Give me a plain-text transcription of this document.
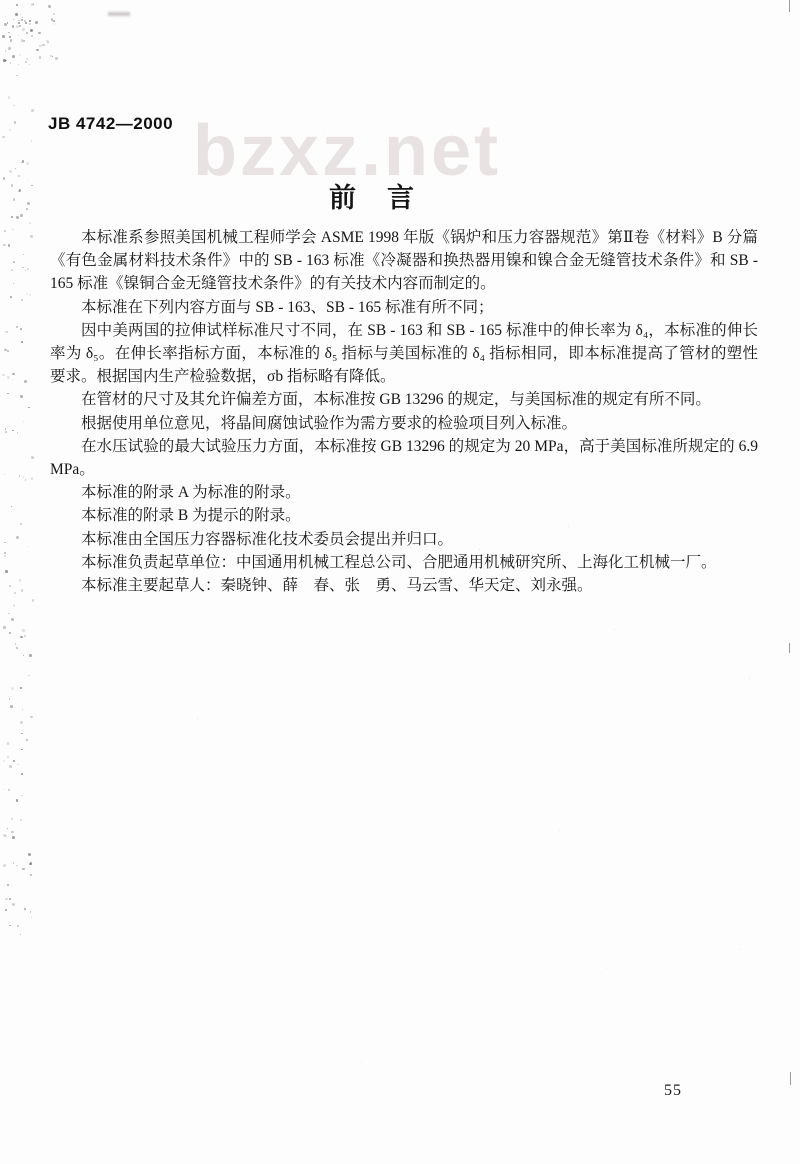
bzxz.net
JB 4742—2000
前　言

本标准系参照美国机械工程师学会 ASME 1998 年版《锅炉和压力容器规范》第Ⅱ卷《材料》B 分篇《有色金属材料技术条件》中的 SB - 163 标准《冷凝器和换热器用镍和镍合金无缝管技术条件》和 SB - 165 标准《镍铜合金无缝管技术条件》的有关技术内容而制定的。

本标准在下列内容方面与 SB - 163、SB - 165 标准有所不同；

因中美两国的拉伸试样标准尺寸不同，在 SB - 163 和 SB - 165 标准中的伸长率为 δ₄，本标准的伸长率为 δ₅。在伸长率指标方面，本标准的 δ₅ 指标与美国标准的 δ₄ 指标相同，即本标准提高了管材的塑性要求。根据国内生产检验数据，σb 指标略有降低。

在管材的尺寸及其允许偏差方面，本标准按 GB 13296 的规定，与美国标准的规定有所不同。

根据使用单位意见，将晶间腐蚀试验作为需方要求的检验项目列入标准。

在水压试验的最大试验压力方面，本标准按 GB 13296 的规定为 20 MPa，高于美国标准所规定的 6.9 MPa。

本标准的附录 A 为标准的附录。

本标准的附录 B 为提示的附录。

本标准由全国压力容器标准化技术委员会提出并归口。

本标准负责起草单位：中国通用机械工程总公司、合肥通用机械研究所、上海化工机械一厂。

本标准主要起草人：秦晓钟、薛　春、张　勇、马云雪、华天定、刘永强。

55
